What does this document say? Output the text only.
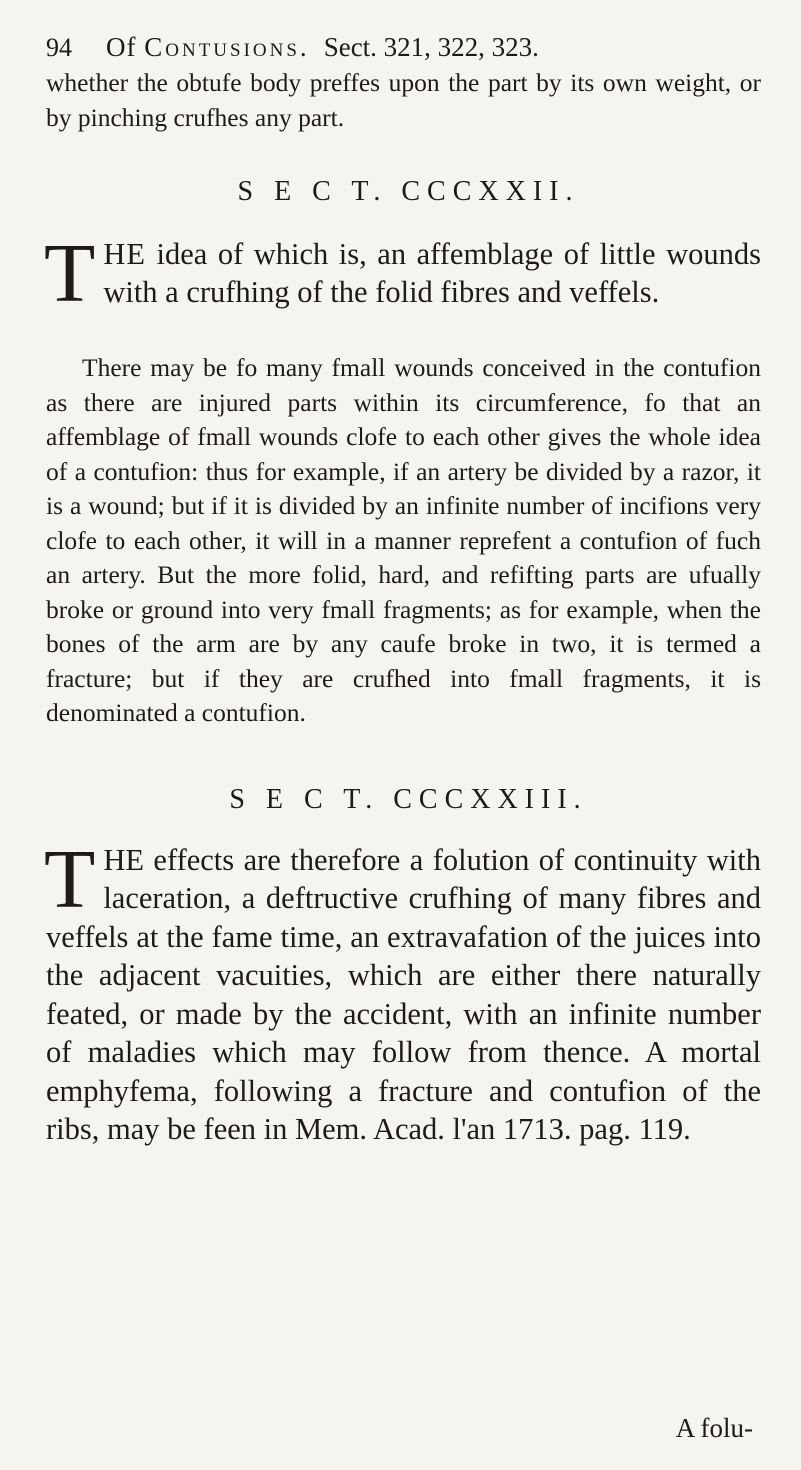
94	Of Contusions. Sect. 321, 322, 323.

whether the obtufe body preffes upon the part by its own weight, or by pinching crufhes any part.

S E C T. CCCXXII.

THE idea of which is, an affemblage of little wounds with a crufhing of the folid fibres and veffels.

There may be fo many fmall wounds conceived in the contufion as there are injured parts within its circumference, fo that an affemblage of fmall wounds clofe to each other gives the whole idea of a contufion: thus for example, if an artery be divided by a razor, it is a wound; but if it is divided by an infinite number of incifions very clofe to each other, it will in a manner reprefent a contufion of fuch an artery. But the more folid, hard, and refifting parts are ufually broke or ground into very fmall fragments; as for example, when the bones of the arm are by any caufe broke in two, it is termed a fracture; but if they are crufhed into fmall fragments, it is denominated a contufion.

S E C T. CCCXXIII.

THE effects are therefore a folution of continuity with laceration, a deftructive crufhing of many fibres and veffels at the fame time, an extravafation of the juices into the adjacent vacuities, which are either there naturally feated, or made by the accident, with an infinite number of maladies which may follow from thence. A mortal emphyfema, following a fracture and contufion of the ribs, may be feen in Mem. Acad. l'an 1713. pag. 119.

A folu-
